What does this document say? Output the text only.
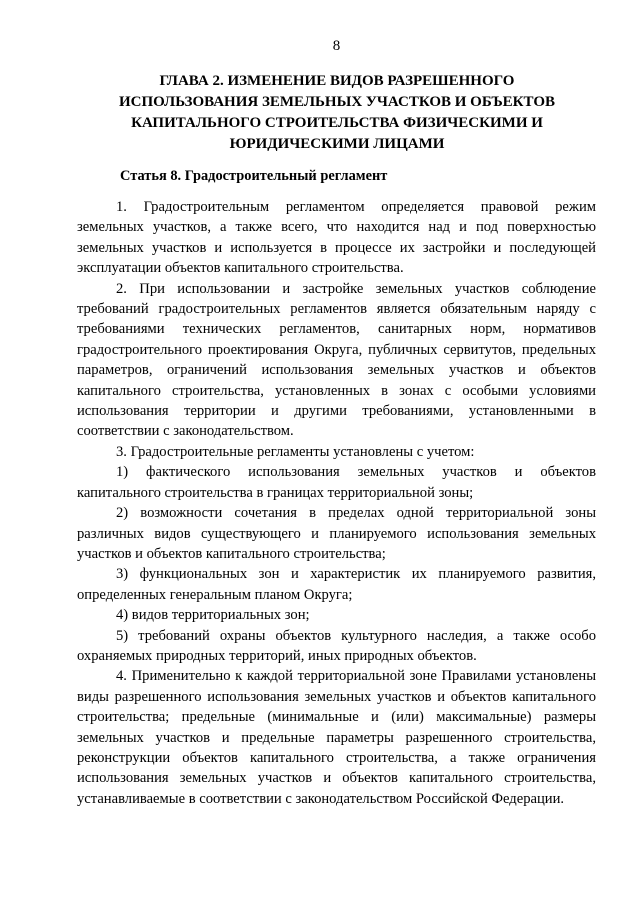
8
ГЛАВА 2. ИЗМЕНЕНИЕ ВИДОВ РАЗРЕШЕННОГО ИСПОЛЬЗОВАНИЯ ЗЕМЕЛЬНЫХ УЧАСТКОВ И ОБЪЕКТОВ КАПИТАЛЬНОГО СТРОИТЕЛЬСТВА ФИЗИЧЕСКИМИ И ЮРИДИЧЕСКИМИ ЛИЦАМИ
Статья 8. Градостроительный регламент

1. Градостроительным регламентом определяется правовой режим земельных участков, а также всего, что находится над и под поверхностью земельных участков и используется в процессе их застройки и последующей эксплуатации объектов капитального строительства.

2. При использовании и застройке земельных участков соблюдение требований градостроительных регламентов является обязательным наряду с требованиями технических регламентов, санитарных норм, нормативов градостроительного проектирования Округа, публичных сервитутов, предельных параметров, ограничений использования земельных участков и объектов капитального строительства, установленных в зонах с особыми условиями использования территории и другими требованиями, установленными в соответствии с законодательством.

3. Градостроительные регламенты установлены с учетом:

1) фактического использования земельных участков и объектов капитального строительства в границах территориальной зоны;

2) возможности сочетания в пределах одной территориальной зоны различных видов существующего и планируемого использования земельных участков и объектов капитального строительства;

3) функциональных зон и характеристик их планируемого развития, определенных генеральным планом Округа;

4) видов территориальных зон;

5) требований охраны объектов культурного наследия, а также особо охраняемых природных территорий, иных природных объектов.

4. Применительно к каждой территориальной зоне Правилами установлены виды разрешенного использования земельных участков и объектов капитального строительства; предельные (минимальные и (или) максимальные) размеры земельных участков и предельные параметры разрешенного строительства, реконструкции объектов капитального строительства, а также ограничения использования земельных участков и объектов капитального строительства, устанавливаемые в соответствии с законодательством Российской Федерации.
